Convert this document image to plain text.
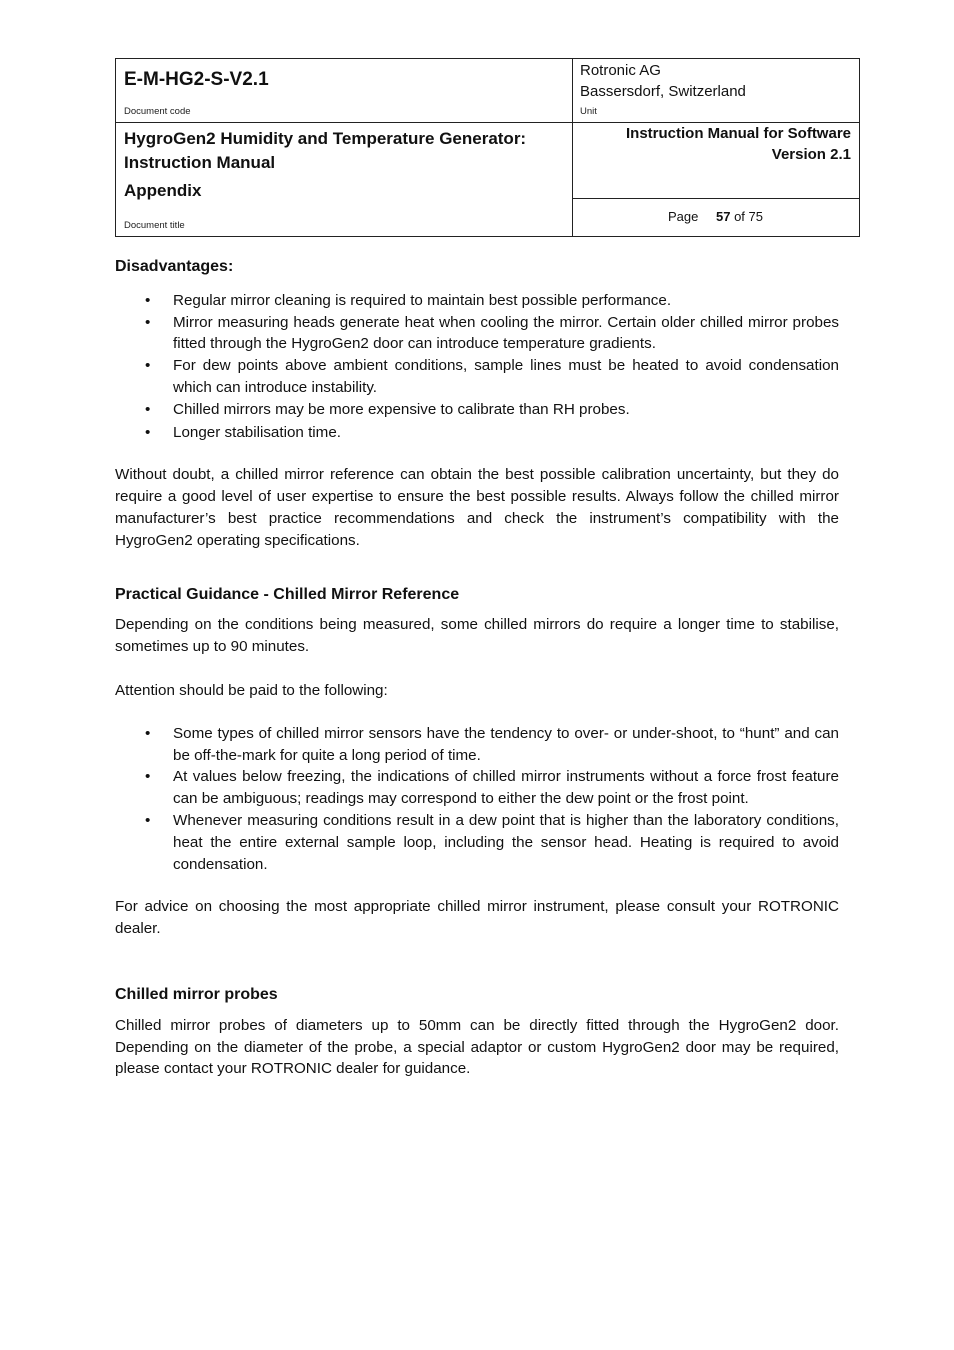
E-M-HG2-S-V2.1
Document code
HygroGen2 Humidity and Temperature Generator:
Instruction Manual
Appendix
Document title
Rotronic AG
Bassersdorf, Switzerland
Unit
Instruction Manual for Software
Version 2.1
Page 57 of 75
Disadvantages:
• Regular mirror cleaning is required to maintain best possible performance.
• Mirror measuring heads generate heat when cooling the mirror. Certain older chilled mirror probes fitted through the HygroGen2 door can introduce temperature gradients.
• For dew points above ambient conditions, sample lines must be heated to avoid condensation which can introduce instability.
• Chilled mirrors may be more expensive to calibrate than RH probes.
• Longer stabilisation time.

Without doubt, a chilled mirror reference can obtain the best possible calibration uncertainty, but they do require a good level of user expertise to ensure the best possible results. Always follow the chilled mirror manufacturer’s best practice recommendations and check the instrument’s compatibility with the HygroGen2 operating specifications.

Practical Guidance - Chilled Mirror Reference

Depending on the conditions being measured, some chilled mirrors do require a longer time to stabilise, sometimes up to 90 minutes.

Attention should be paid to the following:

• Some types of chilled mirror sensors have the tendency to over- or under-shoot, to “hunt” and can be off-the-mark for quite a long period of time.
• At values below freezing, the indications of chilled mirror instruments without a force frost feature can be ambiguous; readings may correspond to either the dew point or the frost point.
• Whenever measuring conditions result in a dew point that is higher than the laboratory conditions, heat the entire external sample loop, including the sensor head. Heating is required to avoid condensation.

For advice on choosing the most appropriate chilled mirror instrument, please consult your ROTRONIC dealer.

Chilled mirror probes

Chilled mirror probes of diameters up to 50mm can be directly fitted through the HygroGen2 door. Depending on the diameter of the probe, a special adaptor or custom HygroGen2 door may be required, please contact your ROTRONIC dealer for guidance.
